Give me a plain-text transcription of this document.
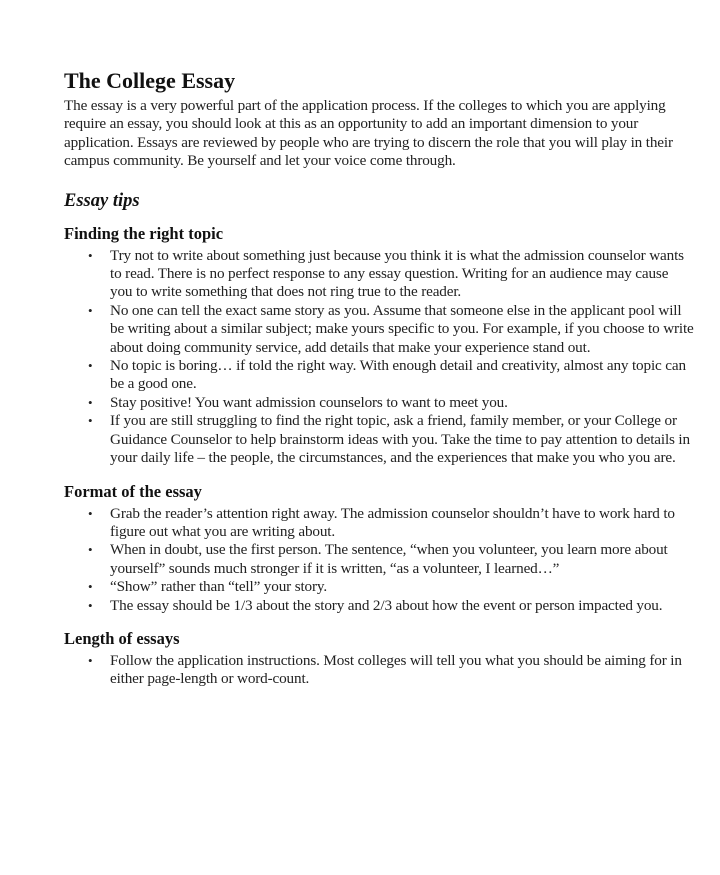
The College Essay

The essay is a very powerful part of the application process. If the colleges to which you are applying require an essay, you should look at this as an opportunity to add an important dimension to your application. Essays are reviewed by people who are trying to discern the role that you will play in their campus community. Be yourself and let your voice come through.

Essay tips
Finding the right topic
• Try not to write about something just because you think it is what the admission counselor wants to read. There is no perfect response to any essay question. Writing for an audience may cause you to write something that does not ring true to the reader.
• No one can tell the exact same story as you. Assume that someone else in the applicant pool will be writing about a similar subject; make yours specific to you. For example, if you choose to write about doing community service, add details that make your experience stand out.
• No topic is boring… if told the right way. With enough detail and creativity, almost any topic can be a good one.
• Stay positive! You want admission counselors to want to meet you.
• If you are still struggling to find the right topic, ask a friend, family member, or your College or Guidance Counselor to help brainstorm ideas with you. Take the time to pay attention to details in your daily life – the people, the circumstances, and the experiences that make you who you are.
Format of the essay
• Grab the reader’s attention right away. The admission counselor shouldn’t have to work hard to figure out what you are writing about.
• When in doubt, use the first person. The sentence, “when you volunteer, you learn more about yourself” sounds much stronger if it is written, “as a volunteer, I learned…”
• “Show” rather than “tell” your story.
• The essay should be 1/3 about the story and 2/3 about how the event or person impacted you.
Length of essays
• Follow the application instructions. Most colleges will tell you what you should be aiming for in either page-length or word-count.
